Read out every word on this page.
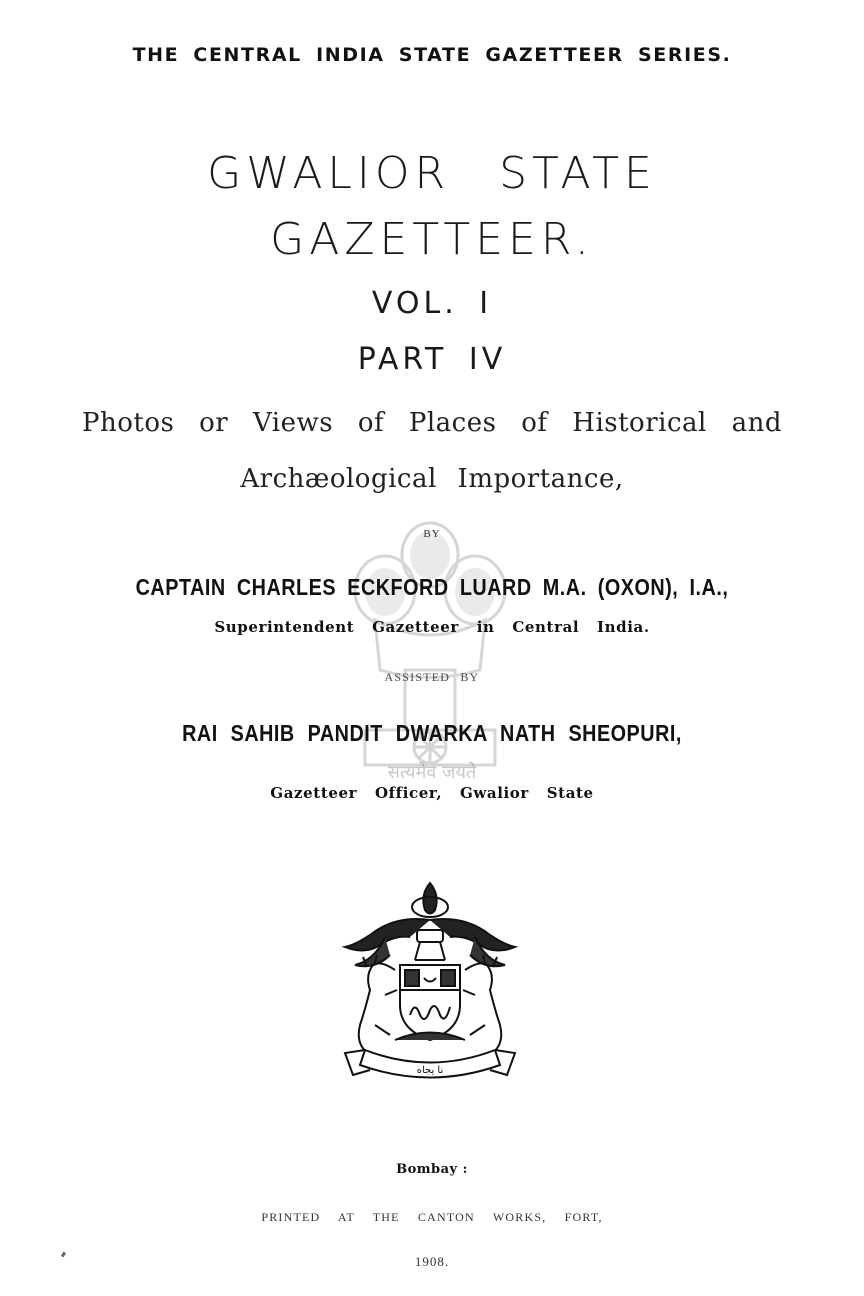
सत्यमेव जयते
THE CENTRAL INDIA STATE GAZETTEER SERIES.
GWALIOR STATE
GAZETTEER.
VOL. I
PART IV
Photos or Views of Places of Historical and
Archæological Importance,
BY
CAPTAIN CHARLES ECKFORD LUARD M.A. (OXON), I.A.,
Superintendent Gazetteer in Central India.
ASSISTED BY
RAI SAHIB PANDIT DWARKA NATH SHEOPURI,
Gazetteer Officer, Gwalior State
نا یجاه
Bombay :
PRINTED AT THE CANTON WORKS, FORT,
1908.
